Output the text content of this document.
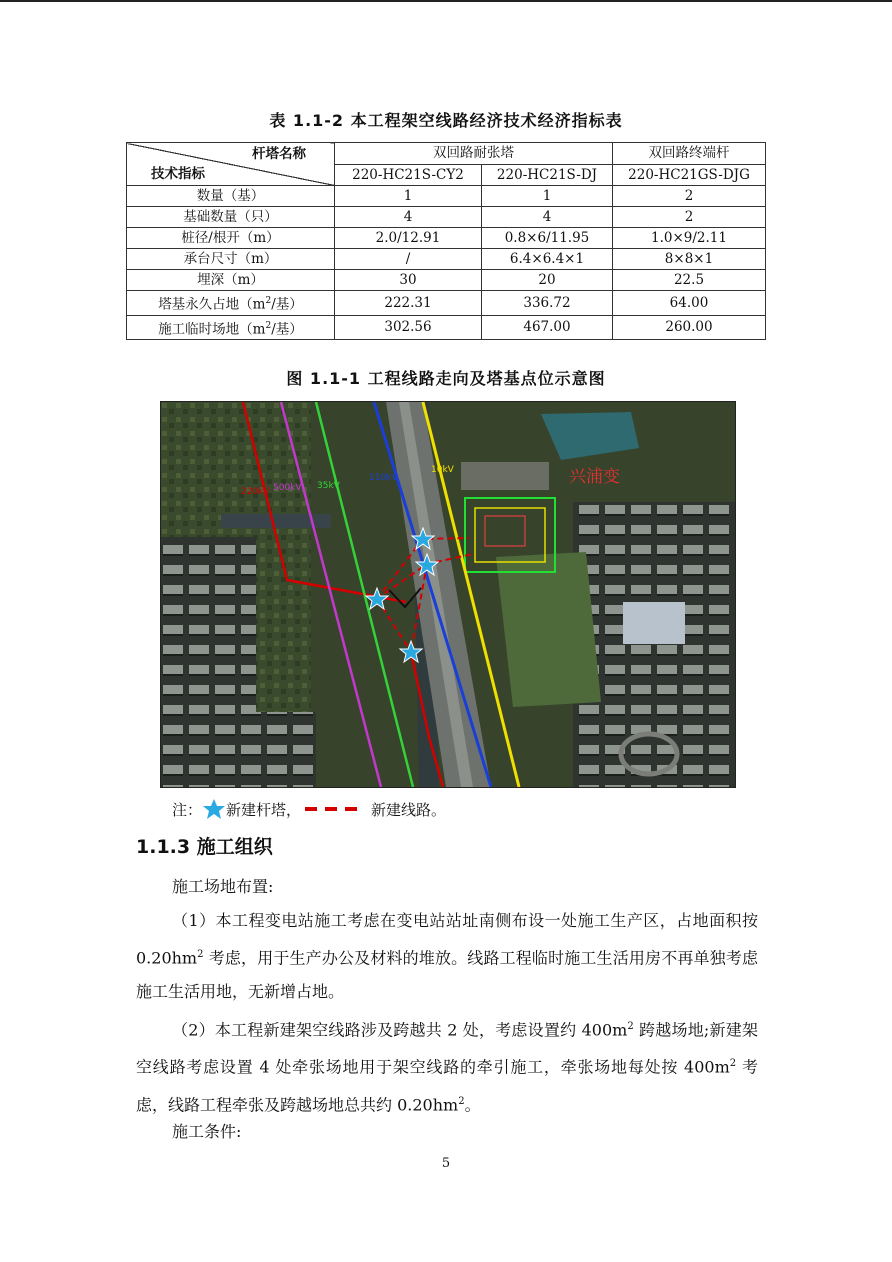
表 1.1-2 本工程架空线路经济技术经济指标表
杆塔名称
技术指标	双回路耐张塔		双回路终端杆
	220-HC21S-CY2	220-HC21S-DJ	220-HC21GS-DJG
数量（基）	1	1	2
基础数量（只）	4	4	2
桩径/根开（m）	2.0/12.91	0.8×6/11.95	1.0×9/2.11
承台尺寸（m）	/	6.4×6.4×1	8×8×1
埋深（m）	30	20	22.5
塔基永久占地（$m^2/$基）	222.31	336.72	64.00
施工临时场地（$m^2/$基）	302.56	467.00	260.00
图 1.1-1 工程线路走向及塔基点位示意图
兴浦变
220kV 500kV 35kV
110kV
10kV
注： 新建杆塔，	新建线路。
1.1.3 施工组织
施工场地布置:
（1）本工程变电站施工考虑在变电站站址南侧布设一处施工生产区，占地面积按 $0.20hm^2$ 考虑，用于生产办公及材料的堆放。线路工程临时施工生活用房不再单独考虑施工生活用地，无新增占地。
（2）本工程新建架空线路涉及跨越共 2 处，考虑设置约 $400m^2$ 跨越场地;新建架空线路考虑设置 4 处牵张场地用于架空线路的牵引施工，牵张场地每处按 $400m^2$ 考虑，线路工程牵张及跨越场地总共约 $0.20hm^2$。
施工条件:
5
